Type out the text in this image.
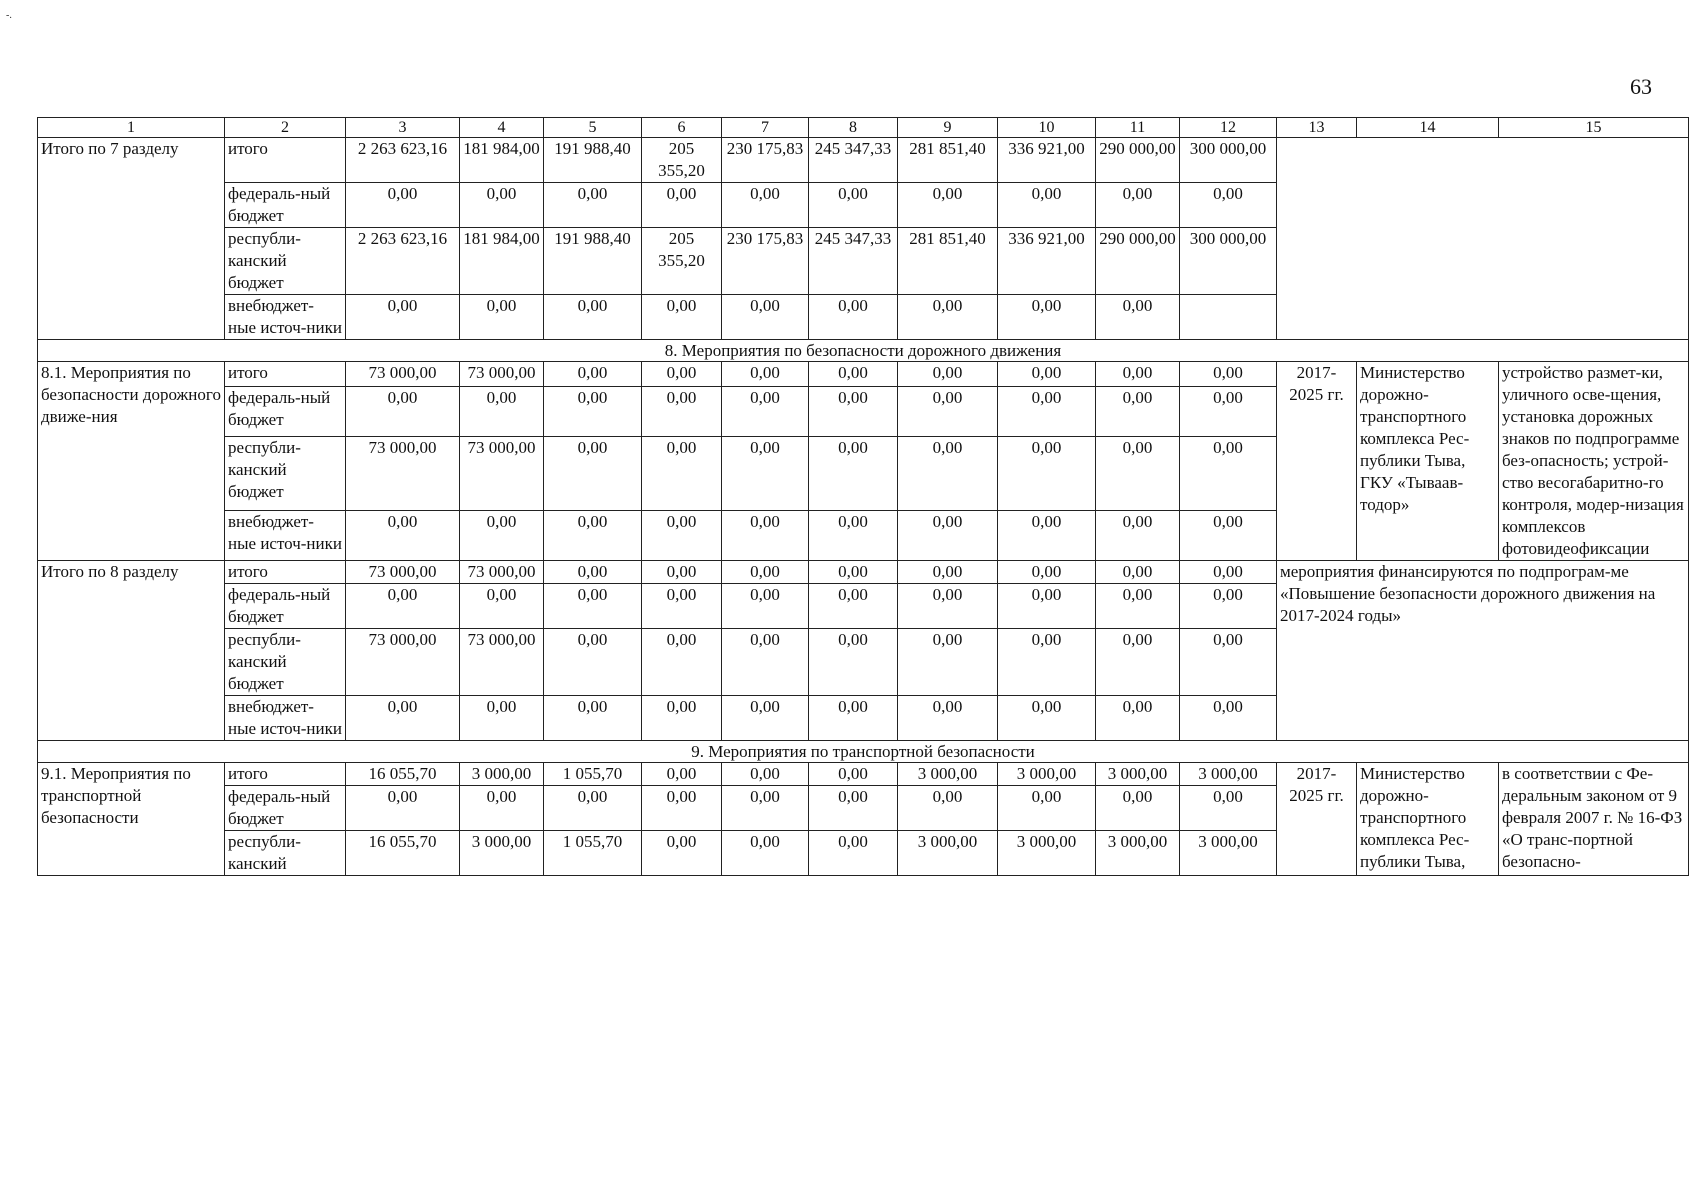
-.
63
1	2	3	4	5	6	7	8	9	10	11	12	13	14	15
Итого по 7 разделу	итого	2 263 623,16	181 984,00	191 988,40	205 355,20	230 175,83	245 347,33	281 851,40	336 921,00	290 000,00	300 000,00			
	федераль-ный бюджет	0,00	0,00	0,00	0,00	0,00	0,00	0,00	0,00	0,00	0,00			
	республи-канский бюджет	2 263 623,16	181 984,00	191 988,40	205 355,20	230 175,83	245 347,33	281 851,40	336 921,00	290 000,00	300 000,00			
	внебюджет-ные источ-ники	0,00	0,00	0,00	0,00	0,00	0,00	0,00	0,00	0,00				
8. Мероприятия по безопасности дорожного движения														
8.1. Мероприятия по безопасности дорожного движе-ния	итого	73 000,00	73 000,00	0,00	0,00	0,00	0,00	0,00	0,00	0,00	0,00	2017-2025 гг.	Министерство дорожно-транспортного комплекса Рес-публики Тыва, ГКУ «Тываав-тодор»	устройство размет-ки, уличного осве-щения, установка дорожных знаков по подпрограмме без-опасность; устрой-ство весогабаритно-го контроля, модер-низация комплексов фотовидеофиксации
	федераль-ный бюджет	0,00	0,00	0,00	0,00	0,00	0,00	0,00	0,00	0,00	0,00			
	республи-канский бюджет	73 000,00	73 000,00	0,00	0,00	0,00	0,00	0,00	0,00	0,00	0,00			
	внебюджет-ные источ-ники	0,00	0,00	0,00	0,00	0,00	0,00	0,00	0,00	0,00	0,00			
Итого по 8 разделу	итого	73 000,00	73 000,00	0,00	0,00	0,00	0,00	0,00	0,00	0,00	0,00	мероприятия финансируются по подпрограм-ме «Повышение безопасности дорожного движения на 2017-2024 годы»		
	федераль-ный бюджет	0,00	0,00	0,00	0,00	0,00	0,00	0,00	0,00	0,00	0,00			
	республи-канский бюджет	73 000,00	73 000,00	0,00	0,00	0,00	0,00	0,00	0,00	0,00	0,00			
	внебюджет-ные источ-ники	0,00	0,00	0,00	0,00	0,00	0,00	0,00	0,00	0,00	0,00			
9. Мероприятия по транспортной безопасности														
9.1. Мероприятия по транспортной безопасности	итого	16 055,70	3 000,00	1 055,70	0,00	0,00	0,00	3 000,00	3 000,00	3 000,00	3 000,00	2017-2025 гг.	Министерство дорожно-транспортного комплекса Рес-публики Тыва,	в соответствии с Фе-деральным законом от 9 февраля 2007 г. № 16-ФЗ «О транс-портной безопасно-
	федераль-ный бюджет	0,00	0,00	0,00	0,00	0,00	0,00	0,00	0,00	0,00	0,00			
	республи-канский	16 055,70	3 000,00	1 055,70	0,00	0,00	0,00	3 000,00	3 000,00	3 000,00	3 000,00			
